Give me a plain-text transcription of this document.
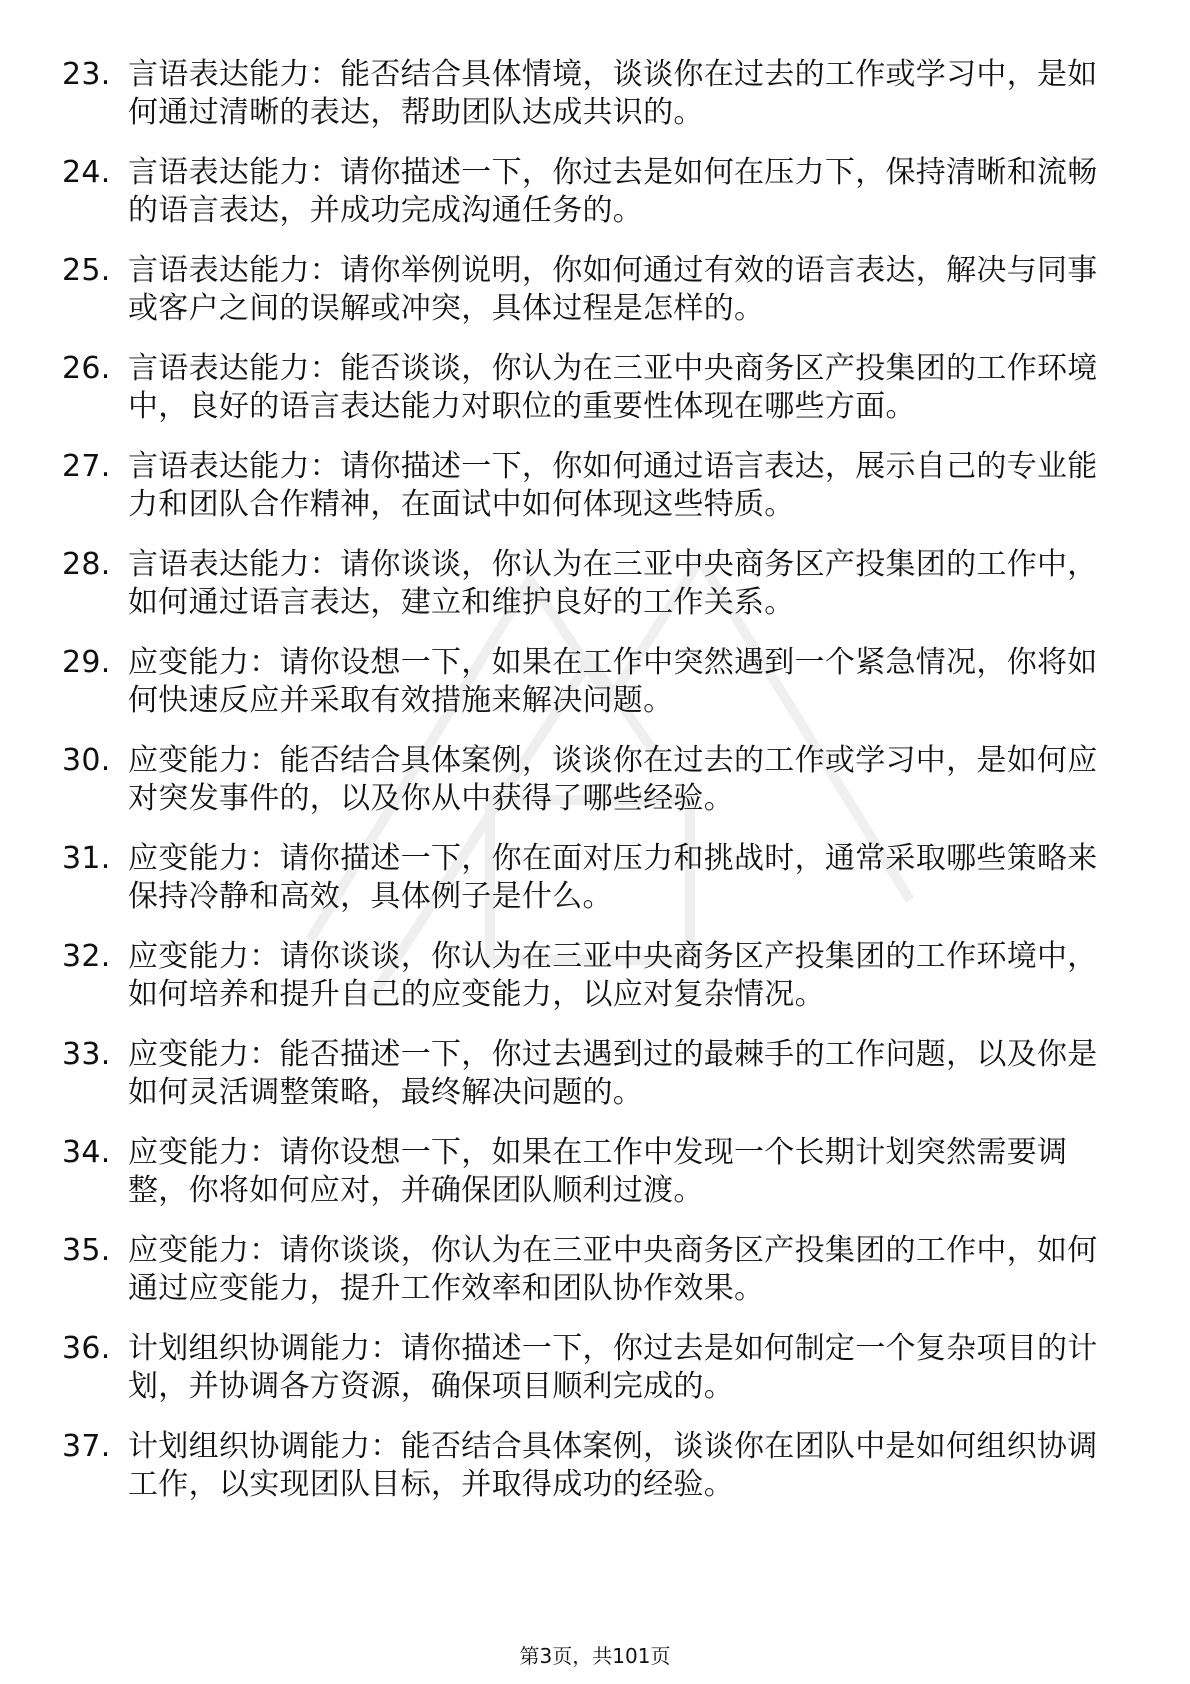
23. 言语表达能力：能否结合具体情境，谈谈你在过去的工作或学习中，是如何通过清晰的表达，帮助团队达成共识的。
24. 言语表达能力：请你描述一下，你过去是如何在压力下，保持清晰和流畅的语言表达，并成功完成沟通任务的。
25. 言语表达能力：请你举例说明，你如何通过有效的语言表达，解决与同事或客户之间的误解或冲突，具体过程是怎样的。
26. 言语表达能力：能否谈谈，你认为在三亚中央商务区产投集团的工作环境中，良好的语言表达能力对职位的重要性体现在哪些方面。
27. 言语表达能力：请你描述一下，你如何通过语言表达，展示自己的专业能力和团队合作精神，在面试中如何体现这些特质。
28. 言语表达能力：请你谈谈，你认为在三亚中央商务区产投集团的工作中，如何通过语言表达，建立和维护良好的工作关系。
29. 应变能力：请你设想一下，如果在工作中突然遇到一个紧急情况，你将如何快速反应并采取有效措施来解决问题。
30. 应变能力：能否结合具体案例，谈谈你在过去的工作或学习中，是如何应对突发事件的，以及你从中获得了哪些经验。
31. 应变能力：请你描述一下，你在面对压力和挑战时，通常采取哪些策略来保持冷静和高效，具体例子是什么。
32. 应变能力：请你谈谈，你认为在三亚中央商务区产投集团的工作环境中，如何培养和提升自己的应变能力，以应对复杂情况。
33. 应变能力：能否描述一下，你过去遇到过的最棘手的工作问题，以及你是如何灵活调整策略，最终解决问题的。
34. 应变能力：请你设想一下，如果在工作中发现一个长期计划突然需要调整，你将如何应对，并确保团队顺利过渡。
35. 应变能力：请你谈谈，你认为在三亚中央商务区产投集团的工作中，如何通过应变能力，提升工作效率和团队协作效果。
36. 计划组织协调能力：请你描述一下，你过去是如何制定一个复杂项目的计划，并协调各方资源，确保项目顺利完成的。
37. 计划组织协调能力：能否结合具体案例，谈谈你在团队中是如何组织协调工作，以实现团队目标，并取得成功的经验。
第3页，共101页
